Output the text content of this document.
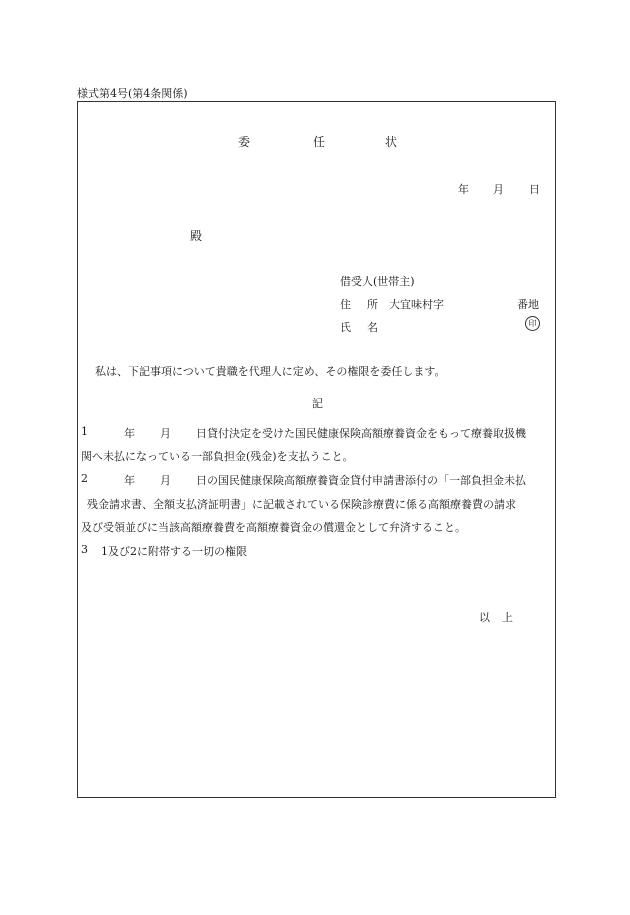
様式第4号(第4条関係)
委	任	状
年 月 日
殿
借受人(世帯主)
住 所 大宜味村字	番地
氏 名	印
私は、下記事項について貴職を代理人に定め、その権限を委任します。
記
1	年 月 日貸付決定を受けた国民健康保険高額療養資金をもって療養取扱機
関へ未払になっている一部負担金(残金)を支払うこと。
2	年 月 日の国民健康保険高額療養資金貸付申請書添付の「一部負担金未払
残金請求書、全額支払済証明書」に記載されている保険診療費に係る高額療養費の請求
及び受領並びに当該高額療養費を高額療養資金の償還金として弁済すること。
3 1及び2に附帯する一切の権限
以上
